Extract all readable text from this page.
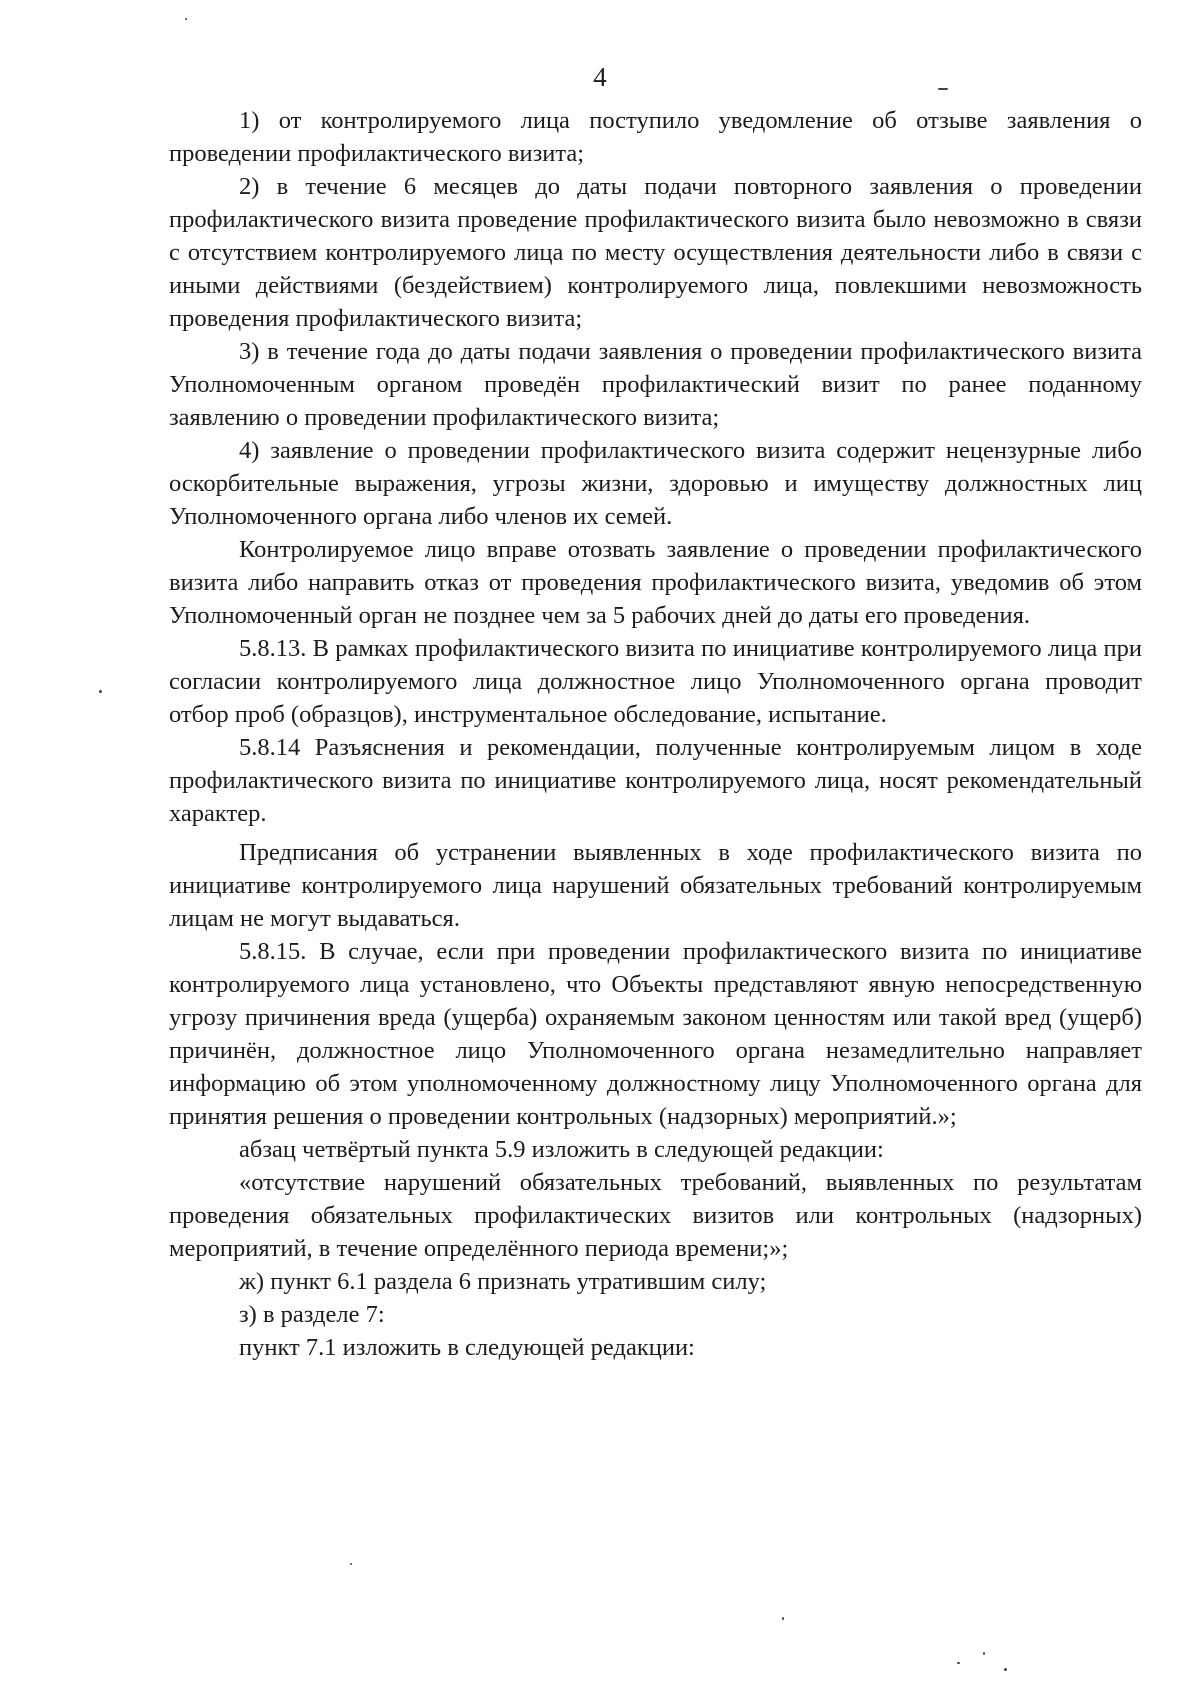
4

1) от контролируемого лица поступило уведомление об отзыве заявления о проведении профилактического визита;

2) в течение 6 месяцев до даты подачи повторного заявления о проведении профилактического визита проведение профилактического визита было невозможно в связи с отсутствием контролируемого лица по месту осуществления деятельности либо в связи с иными действиями (бездействием) контролируемого лица, повлекшими невозможность проведения профилактического визита;

3) в течение года до даты подачи заявления о проведении профилактического визита Уполномоченным органом проведён профилактический визит по ранее поданному заявлению о проведении профилактического визита;

4) заявление о проведении профилактического визита содержит нецензурные либо оскорбительные выражения, угрозы жизни, здоровью и имуществу должностных лиц Уполномоченного органа либо членов их семей.

Контролируемое лицо вправе отозвать заявление о проведении профилактического визита либо направить отказ от проведения профилактического визита, уведомив об этом Уполномоченный орган не позднее чем за 5 рабочих дней до даты его проведения.

5.8.13. В рамках профилактического визита по инициативе контролируемого лица при согласии контролируемого лица должностное лицо Уполномоченного органа проводит отбор проб (образцов), инструментальное обследование, испытание.

5.8.14 Разъяснения и рекомендации, полученные контролируемым лицом в ходе профилактического визита по инициативе контролируемого лица, носят рекомендательный характер.

Предписания об устранении выявленных в ходе профилактического визита по инициативе контролируемого лица нарушений обязательных требований контролируемым лицам не могут выдаваться.

5.8.15. В случае, если при проведении профилактического визита по инициативе контролируемого лица установлено, что Объекты представляют явную непосредственную угрозу причинения вреда (ущерба) охраняемым законом ценностям или такой вред (ущерб) причинён, должностное лицо Уполномоченного органа незамедлительно направляет информацию об этом уполномоченному должностному лицу Уполномоченного органа для принятия решения о проведении контрольных (надзорных) мероприятий.»;

абзац четвёртый пункта 5.9 изложить в следующей редакции:

«отсутствие нарушений обязательных требований, выявленных по результатам проведения обязательных профилактических визитов или контрольных (надзорных) мероприятий, в течение определённого периода времени;»;

ж) пункт 6.1 раздела 6 признать утратившим силу;

з) в разделе 7:

пункт 7.1 изложить в следующей редакции:
